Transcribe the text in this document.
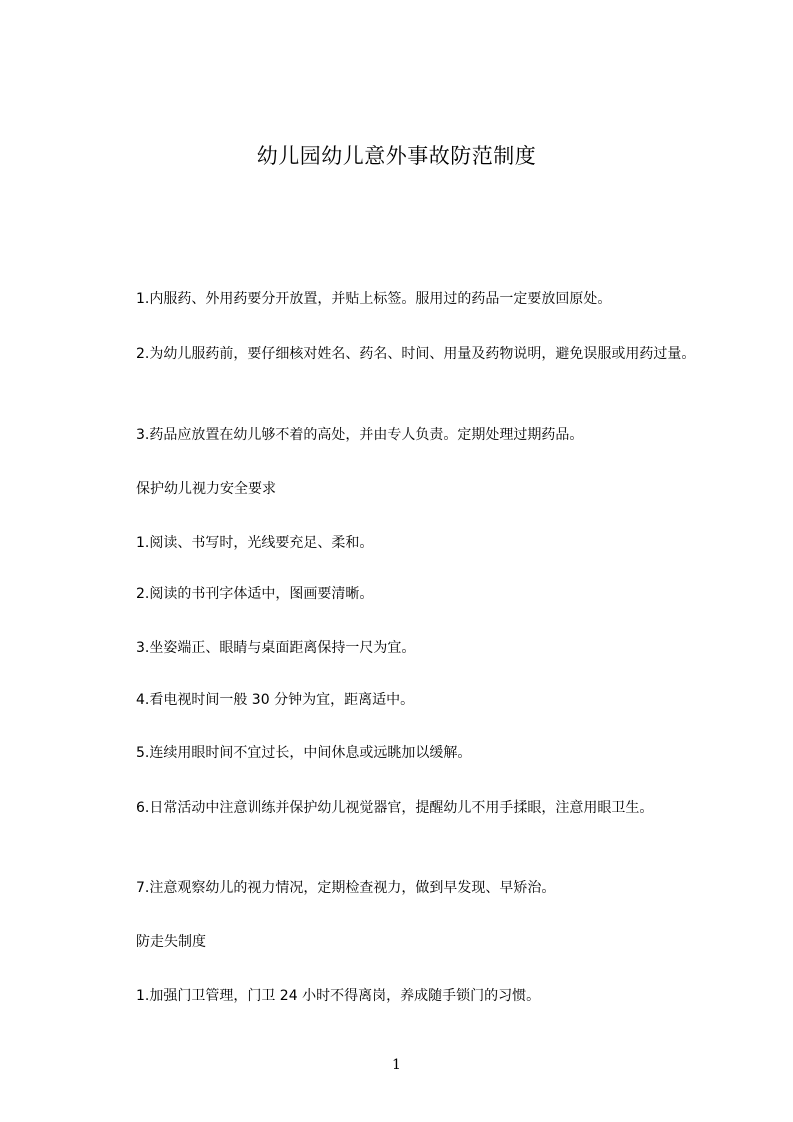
幼儿园幼儿意外事故防范制度
1.内服药、外用药要分开放置，并贴上标签。服用过的药品一定要放回原处。
2.为幼儿服药前，要仔细核对姓名、药名、时间、用量及药物说明，避免误服或用药过量。
3.药品应放置在幼儿够不着的高处，并由专人负责。定期处理过期药品。
保护幼儿视力安全要求
1.阅读、书写时，光线要充足、柔和。
2.阅读的书刊字体适中，图画要清晰。
3.坐姿端正、眼睛与桌面距离保持一尺为宜。
4.看电视时间一般 30 分钟为宜，距离适中。
5.连续用眼时间不宜过长，中间休息或远眺加以缓解。
6.日常活动中注意训练并保护幼儿视觉器官，提醒幼儿不用手揉眼，注意用眼卫生。
7.注意观察幼儿的视力情况，定期检查视力，做到早发现、早矫治。
防走失制度
1.加强门卫管理，门卫 24 小时不得离岗，养成随手锁门的习惯。
1
